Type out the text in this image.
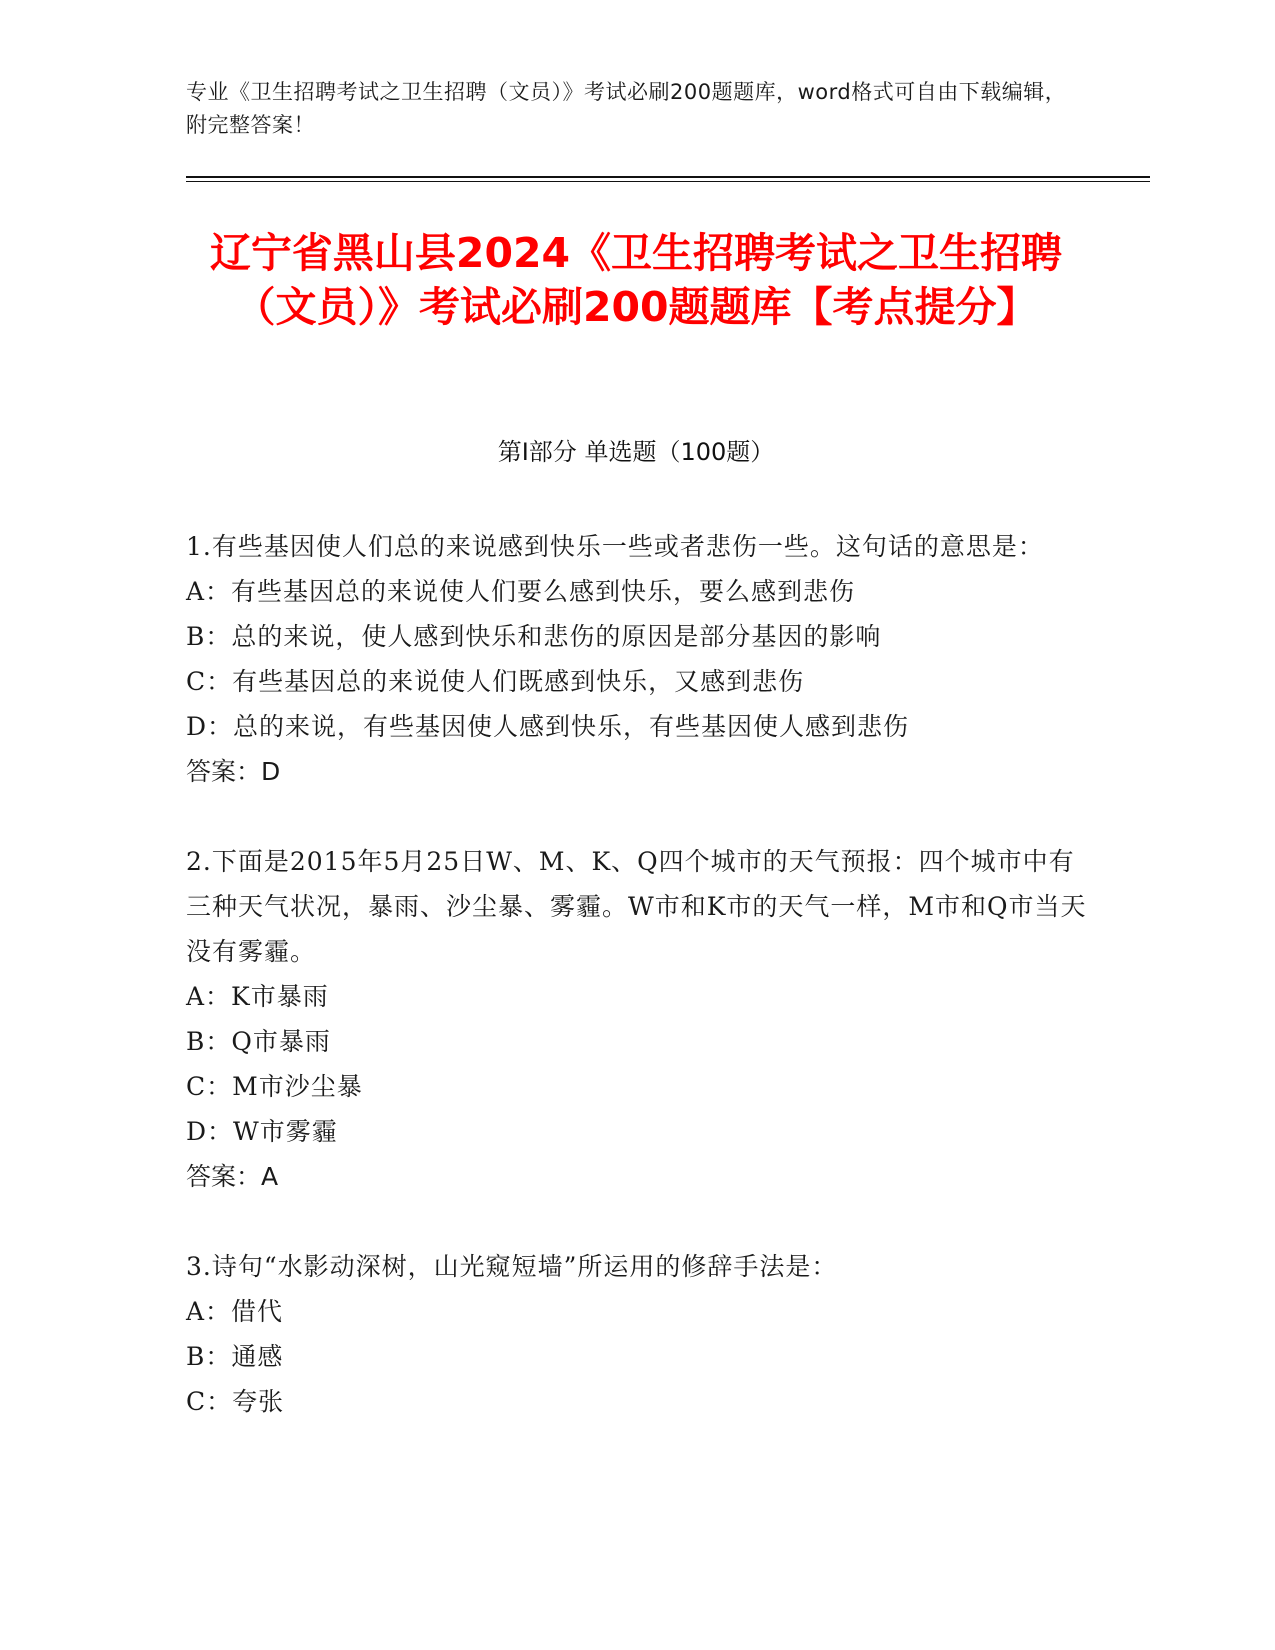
专业《卫生招聘考试之卫生招聘（文员）》考试必刷200题题库，word格式可自由下载编辑，附完整答案！
辽宁省黑山县2024《卫生招聘考试之卫生招聘（文员）》考试必刷200题题库【考点提分】
第I部分 单选题（100题）
1.有些基因使人们总的来说感到快乐一些或者悲伤一些。这句话的意思是：
A：有些基因总的来说使人们要么感到快乐，要么感到悲伤
B：总的来说，使人感到快乐和悲伤的原因是部分基因的影响
C：有些基因总的来说使人们既感到快乐，又感到悲伤
D：总的来说，有些基因使人感到快乐，有些基因使人感到悲伤
答案：D
2.下面是2015年5月25日W、M、K、Q四个城市的天气预报：四个城市中有三种天气状况，暴雨、沙尘暴、雾霾。W市和K市的天气一样，M市和Q市当天没有雾霾。
A：K市暴雨
B：Q市暴雨
C：M市沙尘暴
D：W市雾霾
答案：A
3.诗句“水影动深树，山光窥短墙”所运用的修辞手法是：
A：借代
B：通感
C：夸张
